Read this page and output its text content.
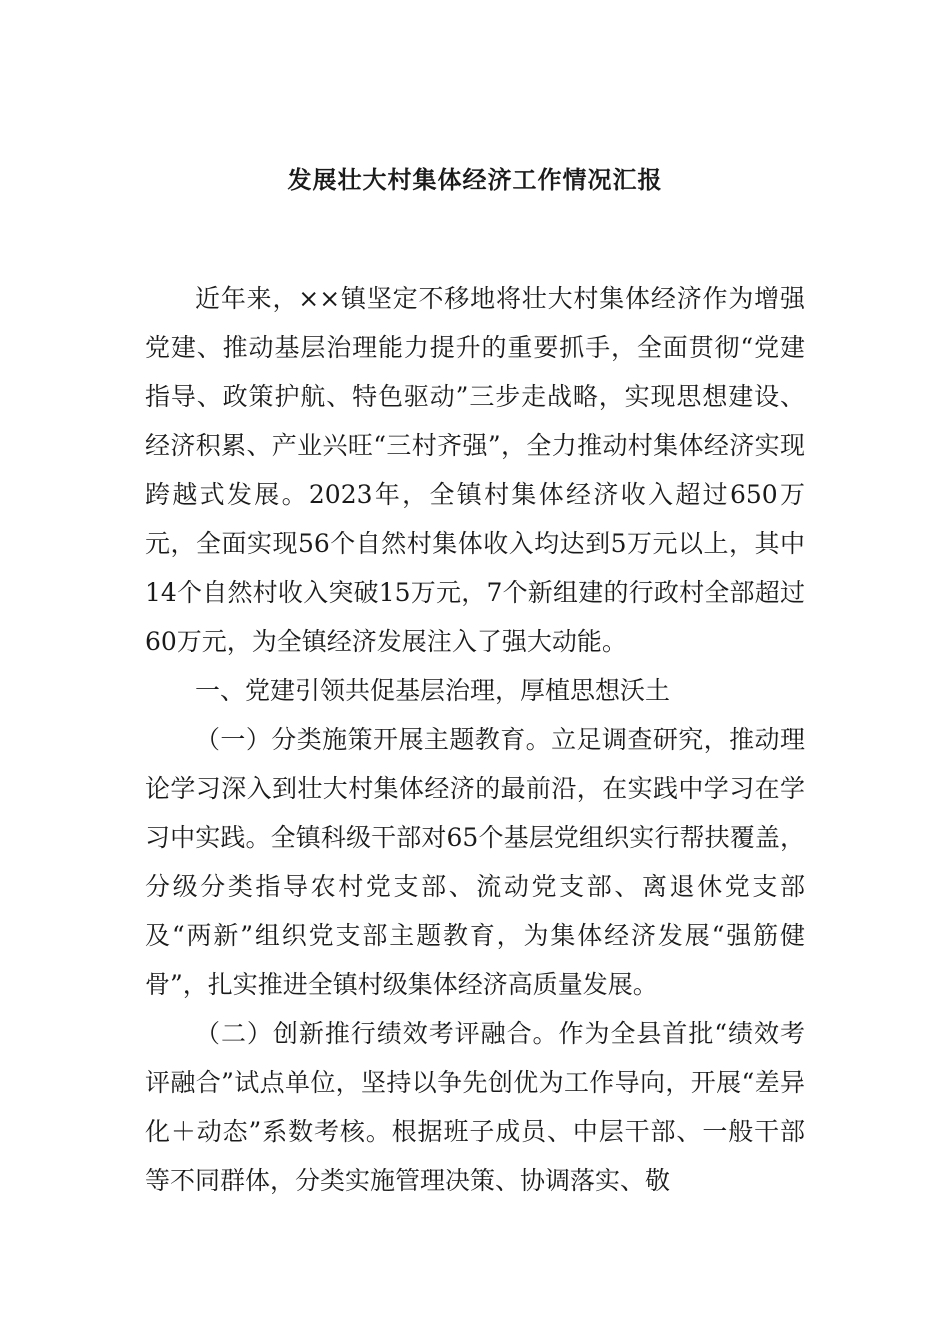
发展壮大村集体经济工作情况汇报

近年来，××镇坚定不移地将壮大村集体经济作为增强党建、推动基层治理能力提升的重要抓手，全面贯彻“党建指导、政策护航、特色驱动”三步走战略，实现思想建设、经济积累、产业兴旺“三村齐强”，全力推动村集体经济实现跨越式发展。2023年，全镇村集体经济收入超过650万元，全面实现56个自然村集体收入均达到5万元以上，其中14个自然村收入突破15万元，7个新组建的行政村全部超过60万元，为全镇经济发展注入了强大动能。

一、党建引领共促基层治理，厚植思想沃土

（一）分类施策开展主题教育。立足调查研究，推动理论学习深入到壮大村集体经济的最前沿，在实践中学习在学习中实践。全镇科级干部对65个基层党组织实行帮扶覆盖，分级分类指导农村党支部、流动党支部、离退休党支部及“两新”组织党支部主题教育，为集体经济发展“强筋健骨”，扎实推进全镇村级集体经济高质量发展。

（二）创新推行绩效考评融合。作为全县首批“绩效考评融合”试点单位，坚持以争先创优为工作导向，开展“差异化＋动态”系数考核。根据班子成员、中层干部、一般干部等不同群体，分类实施管理决策、协调落实、敬
